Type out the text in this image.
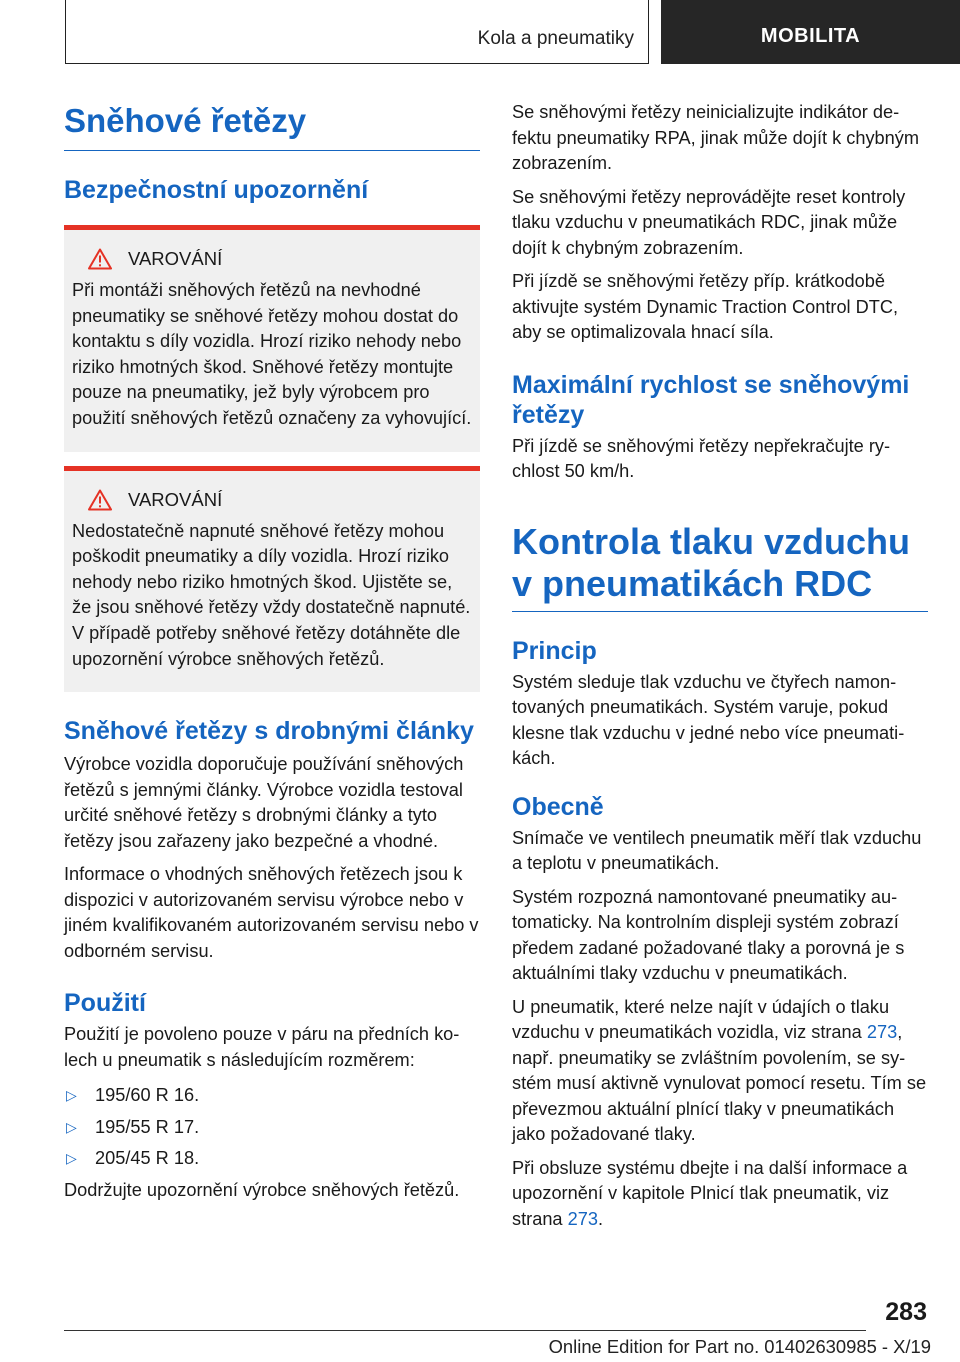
Kola a pneumatiky	MOBILITA
Sněhové řetězy
Bezpečnostní upozornění
VAROVÁNÍ

Při montáži sněhových řetězů na nevhodné pneumatiky se sněhové řetězy mohou dostat do kontaktu s díly vozidla. Hrozí riziko nehody nebo riziko hmotných škod. Sněhové řetězy montujte pouze na pneumatiky, jež byly výrobcem pro použití sněhových řetězů označeny za vyhovující.

VAROVÁNÍ

Nedostatečně napnuté sněhové řetězy mohou poškodit pneumatiky a díly vozidla. Hrozí riziko nehody nebo riziko hmotných škod. Ujistěte se, že jsou sněhové řetězy vždy dostatečně napnuté. V případě potřeby sněhové řetězy dotáhněte dle upozornění výrobce sněhových řetězů.

Sněhové řetězy s drobnými články

Výrobce vozidla doporučuje používání sněhových řetězů s jemnými články. Výrobce vozidla testoval určité sněhové řetězy s drobnými články a tyto řetězy jsou zařazeny jako bezpečné a vhodné.

Informace o vhodných sněhových řetězech jsou k dispozici v autorizovaném servisu výrobce nebo v jiném kvalifikovaném autorizovaném servisu nebo v odborném servisu.

Použití

Použití je povoleno pouze v páru na předních kolech u pneumatik s následujícím rozměrem:

▷	195/60 R 16.
▷	195/55 R 17.
▷	205/45 R 18.

Dodržujte upozornění výrobce sněhových řetězů.

Se sněhovými řetězy neinicializujte indikátor defektu pneumatiky RPA, jinak může dojít k chybným zobrazením.

Se sněhovými řetězy neprovádějte reset kontroly tlaku vzduchu v pneumatikách RDC, jinak může dojít k chybným zobrazením.

Při jízdě se sněhovými řetězy příp. krátkodobě aktivujte systém Dynamic Traction Control DTC, aby se optimalizovala hnací síla.

Maximální rychlost se sněhovými řetězy

Při jízdě se sněhovými řetězy nepřekračujte rychlost 50 km/h.

Kontrola tlaku vzduchu v pneumatikách RDC
Princip

Systém sleduje tlak vzduchu ve čtyřech namontovaných pneumatikách. Systém varuje, pokud klesne tlak vzduchu v jedné nebo více pneumatikách.

Obecně

Snímače ve ventilech pneumatik měří tlak vzduchu a teplotu v pneumatikách.

Systém rozpozná namontované pneumatiky automaticky. Na kontrolním displeji systém zobrazí předem zadané požadované tlaky a porovná je s aktuálními tlaky vzduchu v pneumatikách.

U pneumatik, které nelze najít v údajích o tlaku vzduchu v pneumatikách vozidla, viz strana 273, např. pneumatiky se zvláštním povolením, se systém musí aktivně vynulovat pomocí resetu. Tím se převezmou aktuální plnící tlaky v pneumatikách jako požadované tlaky.

Při obsluze systému dbejte i na další informace a upozornění v kapitole Plnicí tlak pneumatik, viz strana 273.

283
Online Edition for Part no. 01402630985 - X/19
